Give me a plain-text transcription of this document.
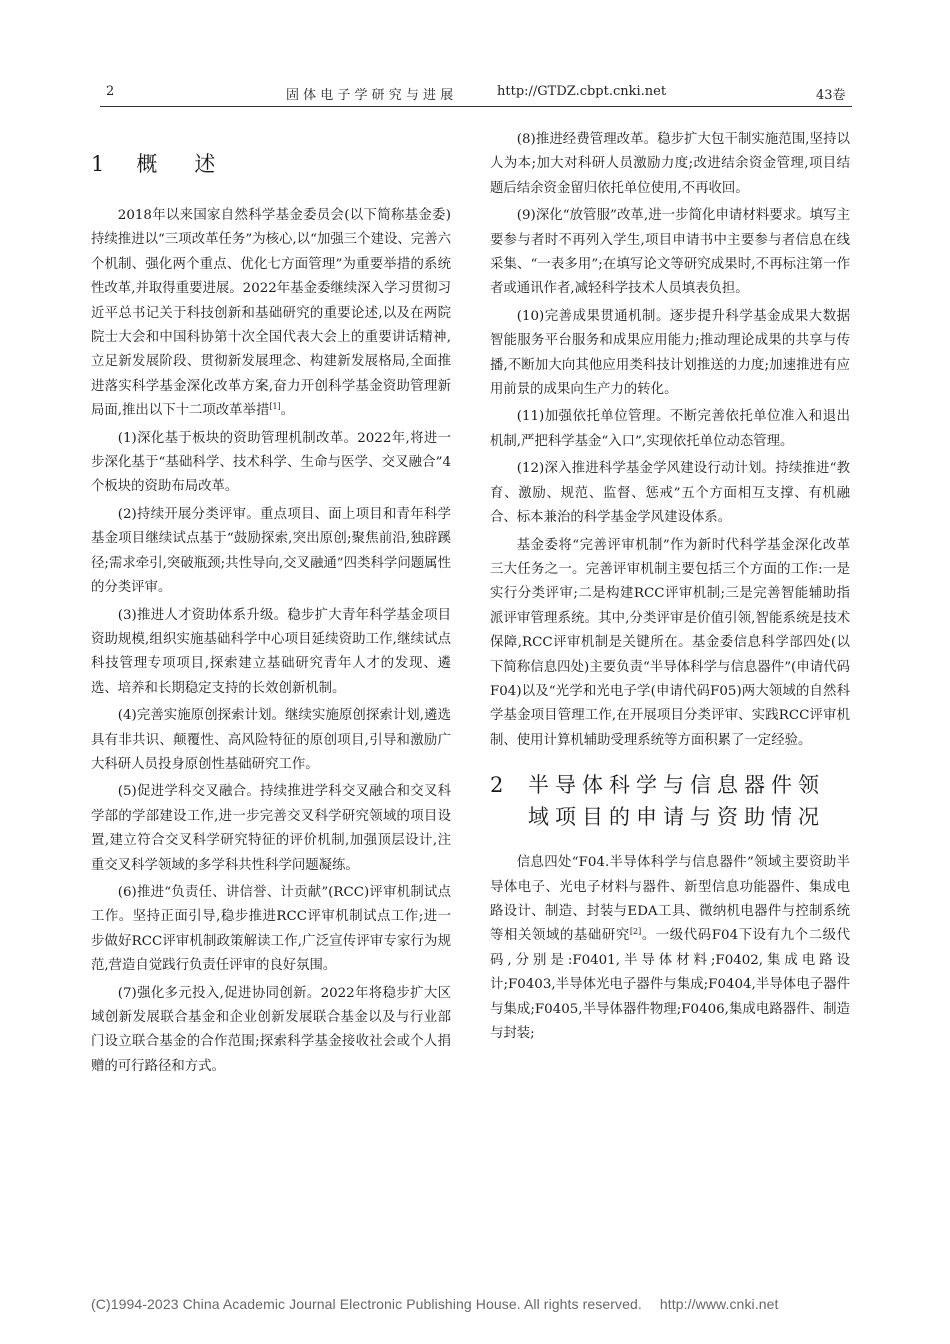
2	固 体 电 子 学 研 究 与 进 展	http://GTDZ.cbpt.cnki.net	43卷
1 概　述

2018年以来国家自然科学基金委员会(以下简称基金委)持续推进以“三项改革任务”为核心,以“加强三个建设、完善六个机制、强化两个重点、优化七方面管理”为重要举措的系统性改革,并取得重要进展。2022年基金委继续深入学习贯彻习近平总书记关于科技创新和基础研究的重要论述,以及在两院院士大会和中国科协第十次全国代表大会上的重要讲话精神,立足新发展阶段、贯彻新发展理念、构建新发展格局,全面推进落实科学基金深化改革方案,奋力开创科学基金资助管理新局面,推出以下十二项改革举措[1]。

(1)深化基于板块的资助管理机制改革。2022年,将进一步深化基于“基础科学、技术科学、生命与医学、交叉融合”4个板块的资助布局改革。

(2)持续开展分类评审。重点项目、面上项目和青年科学基金项目继续试点基于“鼓励探索,突出原创;聚焦前沿,独辟蹊径;需求牵引,突破瓶颈;共性导向,交叉融通”四类科学问题属性的分类评审。

(3)推进人才资助体系升级。稳步扩大青年科学基金项目资助规模,组织实施基础科学中心项目延续资助工作,继续试点科技管理专项项目,探索建立基础研究青年人才的发现、遴选、培养和长期稳定支持的长效创新机制。

(4)完善实施原创探索计划。继续实施原创探索计划,遴选具有非共识、颠覆性、高风险特征的原创项目,引导和激励广大科研人员投身原创性基础研究工作。

(5)促进学科交叉融合。持续推进学科交叉融合和交叉科学部的学部建设工作,进一步完善交叉科学研究领域的项目设置,建立符合交叉科学研究特征的评价机制,加强顶层设计,注重交叉科学领域的多学科共性科学问题凝练。

(6)推进“负责任、讲信誉、计贡献”(RCC)评审机制试点工作。坚持正面引导,稳步推进RCC评审机制试点工作;进一步做好RCC评审机制政策解读工作,广泛宣传评审专家行为规范,营造自觉践行负责任评审的良好氛围。

(7)强化多元投入,促进协同创新。2022年将稳步扩大区域创新发展联合基金和企业创新发展联合基金以及与行业部门设立联合基金的合作范围;探索科学基金接收社会或个人捐赠的可行路径和方式。

(8)推进经费管理改革。稳步扩大包干制实施范围,坚持以人为本;加大对科研人员激励力度;改进结余资金管理,项目结题后结余资金留归依托单位使用,不再收回。

(9)深化“放管服”改革,进一步简化申请材料要求。填写主要参与者时不再列入学生,项目申请书中主要参与者信息在线采集、“一表多用”;在填写论文等研究成果时,不再标注第一作者或通讯作者,减轻科学技术人员填表负担。

(10)完善成果贯通机制。逐步提升科学基金成果大数据智能服务平台服务和成果应用能力;推动理论成果的共享与传播,不断加大向其他应用类科技计划推送的力度;加速推进有应用前景的成果向生产力的转化。

(11)加强依托单位管理。不断完善依托单位准入和退出机制,严把科学基金“入口”,实现依托单位动态管理。

(12)深入推进科学基金学风建设行动计划。持续推进“教育、激励、规范、监督、惩戒”五个方面相互支撑、有机融合、标本兼治的科学基金学风建设体系。

基金委将“完善评审机制”作为新时代科学基金深化改革三大任务之一。完善评审机制主要包括三个方面的工作:一是实行分类评审;二是构建RCC评审机制;三是完善智能辅助指派评审管理系统。其中,分类评审是价值引领,智能系统是技术保障,RCC评审机制是关键所在。基金委信息科学部四处(以下简称信息四处)主要负责“半导体科学与信息器件”(申请代码F04)以及“光学和光电子学(申请代码F05)两大领域的自然科学基金项目管理工作,在开展项目分类评审、实践RCC评审机制、使用计算机辅助受理系统等方面积累了一定经验。

2 半导体科学与信息器件领域项目的申请与资助情况

信息四处“F04.半导体科学与信息器件”领域主要资助半导体电子、光电子材料与器件、新型信息功能器件、集成电路设计、制造、封装与EDA工具、微纳机电器件与控制系统等相关领域的基础研究[2]。一级代码F04下设有九个二级代码,分别是:F0401,半导体材料;F0402,集成电路设计;F0403,半导体光电子器件与集成;F0404,半导体电子器件与集成;F0405,半导体器件物理;F0406,集成电路器件、制造与封装;

(C)1994-2023 China Academic Journal Electronic Publishing House. All rights reserved. http://www.cnki.net
